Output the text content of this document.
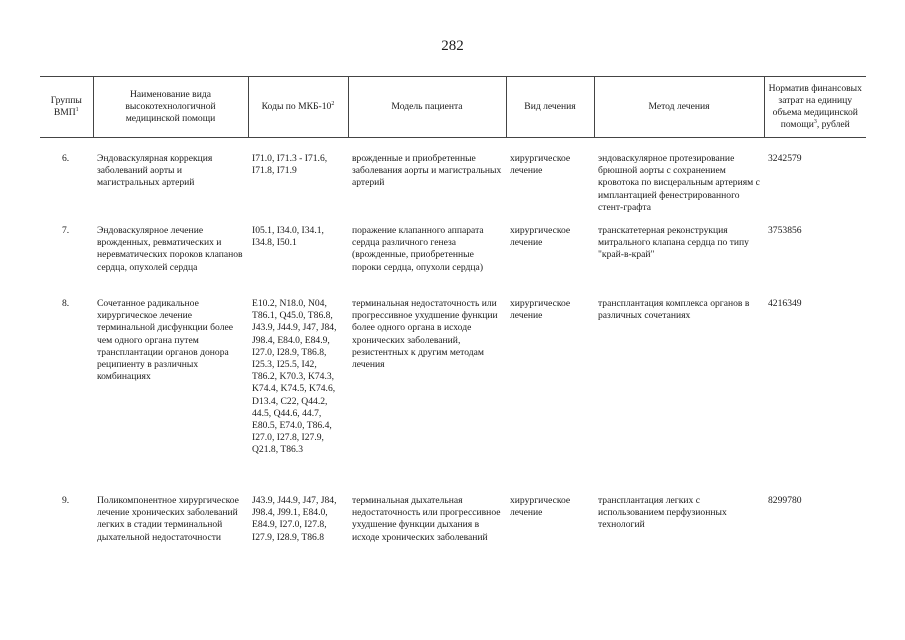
282
Группы ВМП$^1$	Наименование вида высокотехнологичной медицинской помощи	Коды по МКБ-$10^2$	Модель пациента	Вид лечения	Метод лечения	Норматив финансовых затрат на единицу объема медицинской помощи$^3$, рублей
6.	Эндоваскулярная коррекция заболеваний аорты и магистральных артерий	I71.0, I71.3 - I71.6, I71.8, I71.9	врожденные и приобретенные заболевания аорты и магистральных артерий	хирургическое лечение	эндоваскулярное протезирование брюшной аорты с сохранением кровотока по висцеральным артериям с имплантацией фенестрированного стент-графта	3242579
7.	Эндоваскулярное лечение врожденных, ревматических и неревматических пороков клапанов сердца, опухолей сердца	I05.1, I34.0, I34.1, I34.8, I50.1	поражение клапанного аппарата сердца различного генеза (врожденные, приобретенные пороки сердца, опухоли сердца)	хирургическое лечение	транскатетерная реконструкция митрального клапана сердца по типу "край-в-край"	3753856
8.	Сочетанное радикальное хирургическое лечение терминальной дисфункции более чем одного органа путем трансплантации органов донора реципиенту в различных комбинациях	E10.2, N18.0, N04, T86.1, Q45.0, T86.8, J43.9, J44.9, J47, J84, J98.4, E84.0, E84.9, I27.0, I28.9, T86.8, I25.3, I25.5, I42, T86.2, K70.3, K74.3, K74.4, K74.5, K74.6, D13.4, C22, Q44.2, 44.5, Q44.6, 44.7, E80.5, E74.0, T86.4, I27.0, I27.8, I27.9, Q21.8, T86.3	терминальная недостаточность или прогрессивное ухудшение функции более одного органа в исходе хронических заболеваний, резистентных к другим методам лечения	хирургическое лечение	трансплантация комплекса органов в различных сочетаниях	4216349
9.	Поликомпонентное хирургическое лечение хронических заболеваний легких в стадии терминальной дыхательной недостаточности	J43.9, J44.9, J47, J84, J98.4, J99.1, E84.0, E84.9, I27.0, I27.8, I27.9, I28.9, T86.8	терминальная дыхательная недостаточность или прогрессивное ухудшение функции дыхания в исходе хронических заболеваний	хирургическое лечение	трансплантация легких с использованием перфузионных технологий	8299780
